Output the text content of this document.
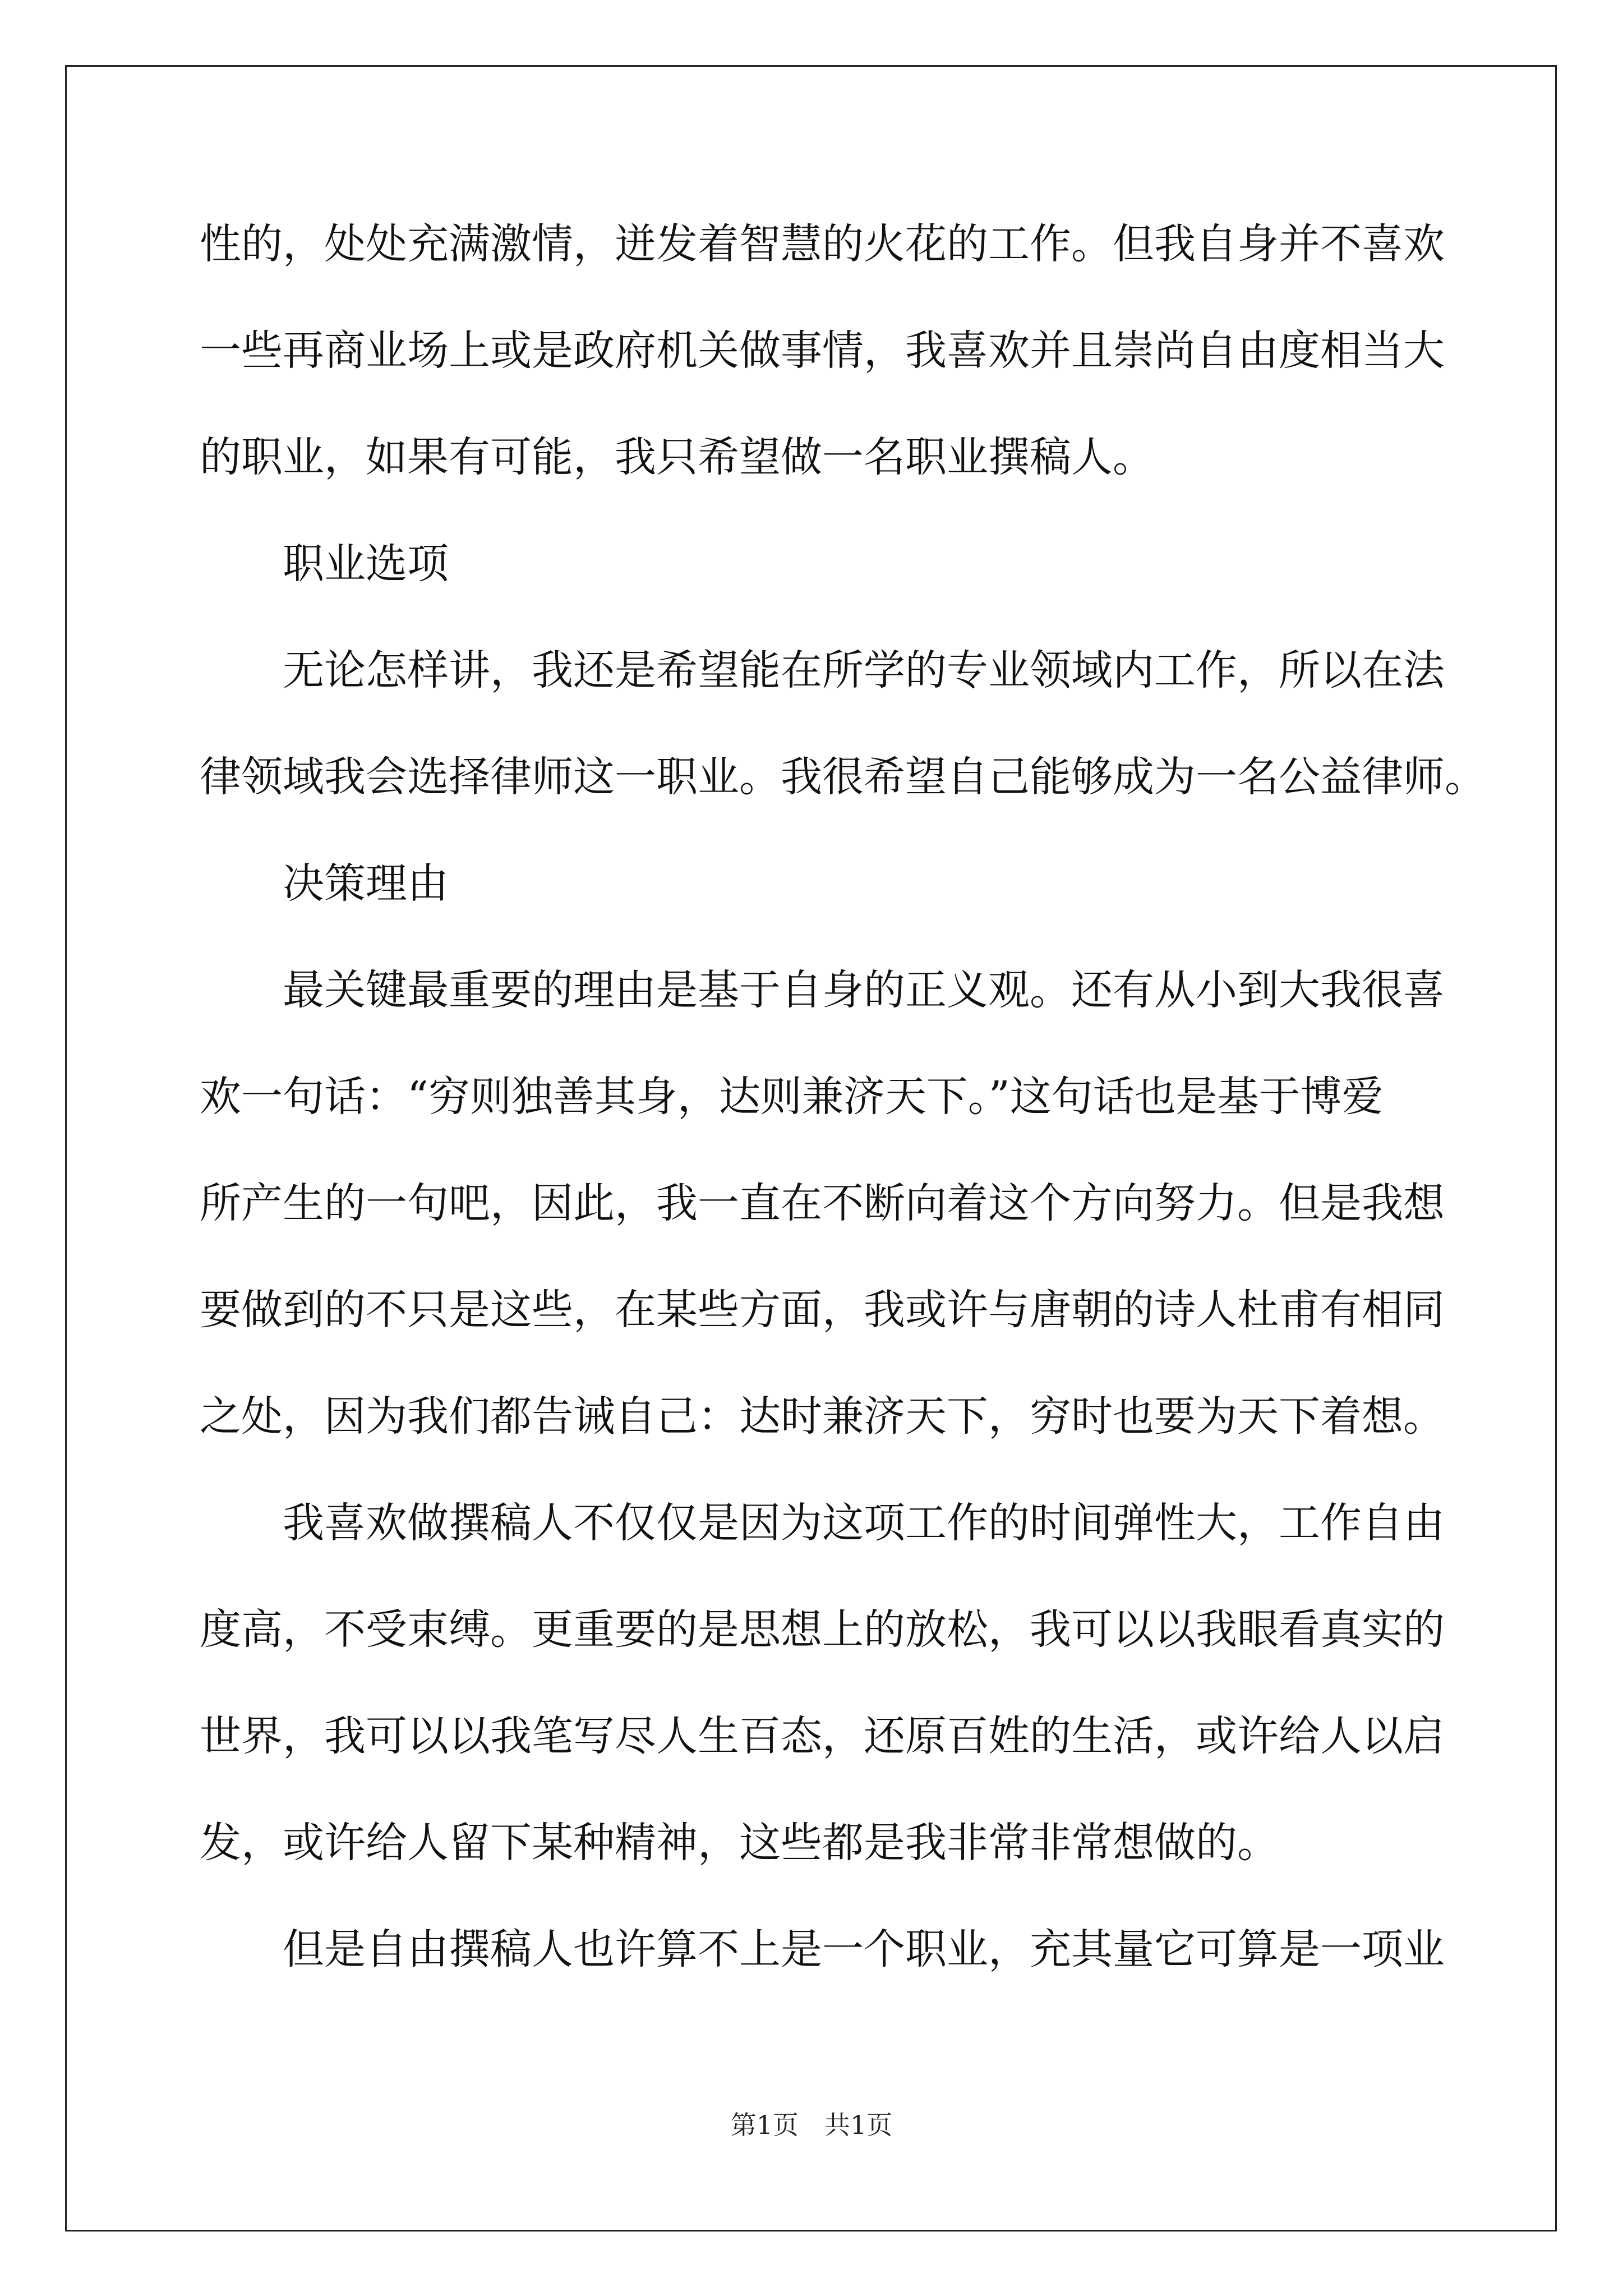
性的，处处充满激情，迸发着智慧的火花的工作。但我自身并不喜欢
一些再商业场上或是政府机关做事情，我喜欢并且崇尚自由度相当大
的职业，如果有可能，我只希望做一名职业撰稿人。
职业选项
无论怎样讲，我还是希望能在所学的专业领域内工作，所以在法
律领域我会选择律师这一职业。我很希望自己能够成为一名公益律师。
决策理由
最关键最重要的理由是基于自身的正义观。还有从小到大我很喜
欢一句话：“穷则独善其身，达则兼济天下。”这句话也是基于博爱
所产生的一句吧，因此，我一直在不断向着这个方向努力。但是我想
要做到的不只是这些，在某些方面，我或许与唐朝的诗人杜甫有相同
之处，因为我们都告诫自己：达时兼济天下，穷时也要为天下着想。
我喜欢做撰稿人不仅仅是因为这项工作的时间弹性大，工作自由
度高，不受束缚。更重要的是思想上的放松，我可以以我眼看真实的
世界，我可以以我笔写尽人生百态，还原百姓的生活，或许给人以启
发，或许给人留下某种精神，这些都是我非常非常想做的。
但是自由撰稿人也许算不上是一个职业，充其量它可算是一项业
第1页　共1页
